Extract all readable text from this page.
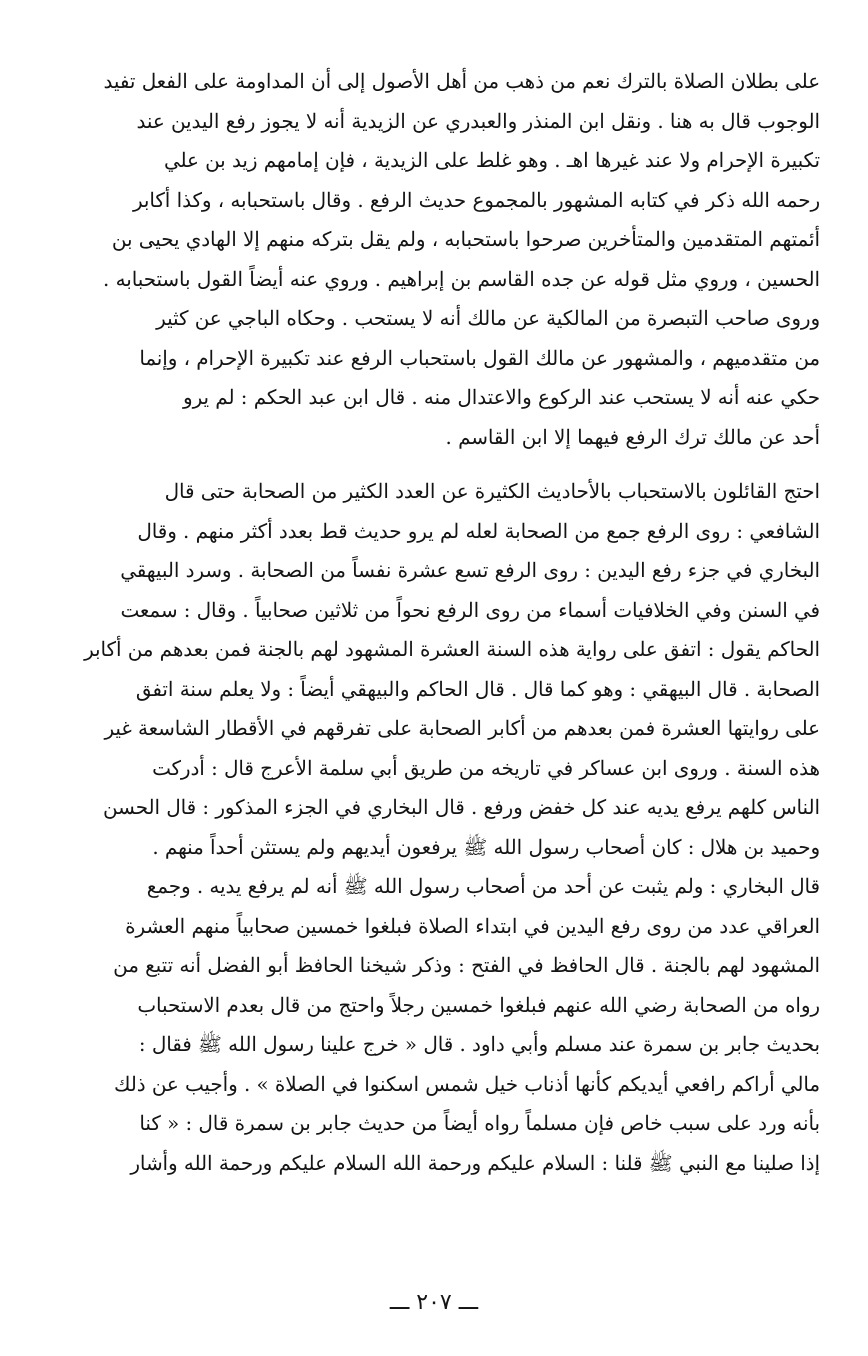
على بطلان الصلاة بالترك نعم من ذهب من أهل الأصول إلى أن المداومة على الفعل تفيد
الوجوب قال به هنا . ونقل ابن المنذر والعبدري عن الزيدية أنه لا يجوز رفع اليدين عند
تكبيرة الإحرام ولا عند غيرها اهـ . وهو غلط على الزيدية ، فإن إمامهم زيد بن علي
رحمه الله ذكر في كتابه المشهور بالمجموع حديث الرفع . وقال باستحبابه ، وكذا أكابر
أئمتهم المتقدمين والمتأخرين صرحوا باستحبابه ، ولم يقل بتركه منهم إلا الهادي يحيى بن
الحسين ، وروي مثل قوله عن جده القاسم بن إبراهيم . وروي عنه أيضاً القول باستحبابه .
وروى صاحب التبصرة من المالكية عن مالك أنه لا يستحب . وحكاه الباجي عن كثير
من متقدميهم ، والمشهور عن مالك القول باستحباب الرفع عند تكبيرة الإحرام ، وإنما
حكي عنه أنه لا يستحب عند الركوع والاعتدال منه . قال ابن عبد الحكم : لم يرو
أحد عن مالك ترك الرفع فيهما إلا ابن القاسم .
احتج القائلون بالاستحباب بالأحاديث الكثيرة عن العدد الكثير من الصحابة حتى قال
الشافعي : روى الرفع جمع من الصحابة لعله لم يرو حديث قط بعدد أكثر منهم . وقال
البخاري في جزء رفع اليدين : روى الرفع تسع عشرة نفساً من الصحابة . وسرد البيهقي
في السنن وفي الخلافيات أسماء من روى الرفع نحواً من ثلاثين صحابياً . وقال : سمعت
الحاكم يقول : اتفق على رواية هذه السنة العشرة المشهود لهم بالجنة فمن بعدهم من أكابر
الصحابة . قال البيهقي : وهو كما قال . قال الحاكم والبيهقي أيضاً : ولا يعلم سنة اتفق
على روايتها العشرة فمن بعدهم من أكابر الصحابة على تفرقهم في الأقطار الشاسعة غير
هذه السنة . وروى ابن عساكر في تاريخه من طريق أبي سلمة الأعرج قال : أدركت
الناس كلهم يرفع يديه عند كل خفض ورفع . قال البخاري في الجزء المذكور : قال الحسن
وحميد بن هلال : كان أصحاب رسول الله ﷺ يرفعون أيديهم ولم يستثن أحداً منهم .
قال البخاري : ولم يثبت عن أحد من أصحاب رسول الله ﷺ أنه لم يرفع يديه . وجمع
العراقي عدد من روى رفع اليدين في ابتداء الصلاة فبلغوا خمسين صحابياً منهم العشرة
المشهود لهم بالجنة . قال الحافظ في الفتح : وذكر شيخنا الحافظ أبو الفضل أنه تتبع من
رواه من الصحابة رضي الله عنهم فبلغوا خمسين رجلاً واحتج من قال بعدم الاستحباب
بحديث جابر بن سمرة عند مسلم وأبي داود . قال « خرج علينا رسول الله ﷺ فقال :
مالي أراكم رافعي أيديكم كأنها أذناب خيل شمس اسكنوا في الصلاة » . وأجيب عن ذلك
بأنه ورد على سبب خاص فإن مسلماً رواه أيضاً من حديث جابر بن سمرة قال : « كنا
إذا صلينا مع النبي ﷺ قلنا : السلام عليكم ورحمة الله السلام عليكم ورحمة الله وأشار
ـــ ٢٠٧ ـــ
